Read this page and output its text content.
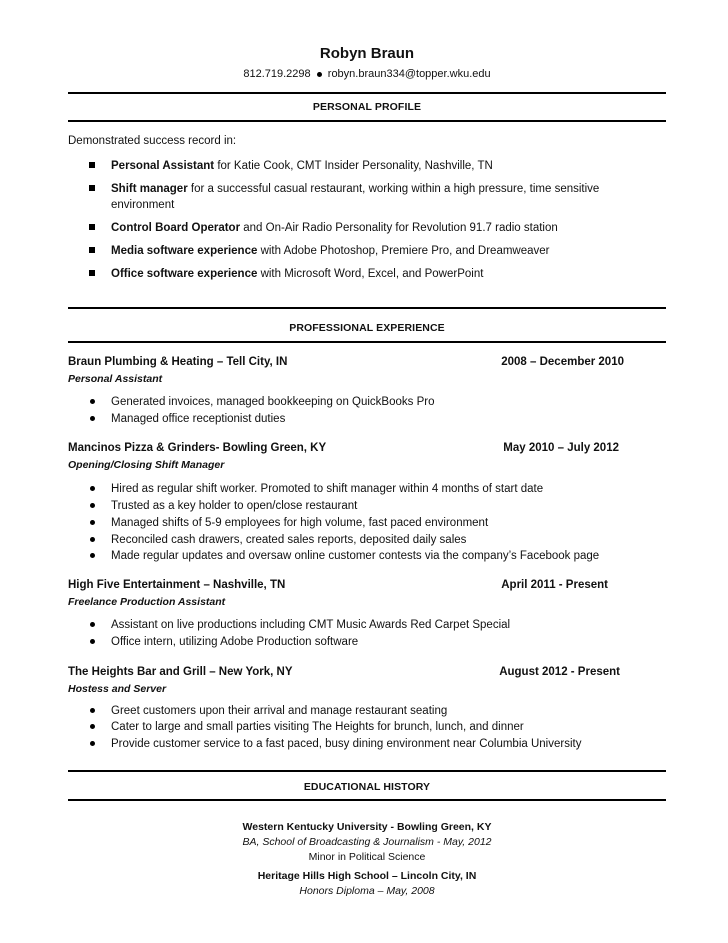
Robyn Braun
812.719.2298 robyn.braun334@topper.wku.edu
PERSONAL PROFILE
Demonstrated success record in:
Personal Assistant for Katie Cook, CMT Insider Personality, Nashville, TN
Shift manager for a successful casual restaurant, working within a high pressure, time sensitive environment
Control Board Operator and On-Air Radio Personality for Revolution 91.7 radio station
Media software experience with Adobe Photoshop, Premiere Pro, and Dreamweaver
Office software experience with Microsoft Word, Excel, and PowerPoint
PROFESSIONAL EXPERIENCE
Braun Plumbing & Heating – Tell City, IN	2008 – December 2010
Personal Assistant
Generated invoices, managed bookkeeping on QuickBooks Pro
Managed office receptionist duties
Mancinos Pizza & Grinders- Bowling Green, KY	May 2010 – July 2012
Opening/Closing Shift Manager
Hired as regular shift worker. Promoted to shift manager within 4 months of start date
Trusted as a key holder to open/close restaurant
Managed shifts of 5-9 employees for high volume, fast paced environment
Reconciled cash drawers, created sales reports, deposited daily sales
Made regular updates and oversaw online customer contests via the company’s Facebook page
High Five Entertainment – Nashville, TN	April 2011 - Present
Freelance Production Assistant
Assistant on live productions including CMT Music Awards Red Carpet Special
Office intern, utilizing Adobe Production software
The Heights Bar and Grill – New York, NY	August 2012 - Present
Hostess and Server
Greet customers upon their arrival and manage restaurant seating
Cater to large and small parties visiting The Heights for brunch, lunch, and dinner
Provide customer service to a fast paced, busy dining environment near Columbia University
EDUCATIONAL HISTORY
Western Kentucky University - Bowling Green, KY
BA, School of Broadcasting & Journalism - May, 2012
Minor in Political Science
Heritage Hills High School – Lincoln City, IN
Honors Diploma – May, 2008
